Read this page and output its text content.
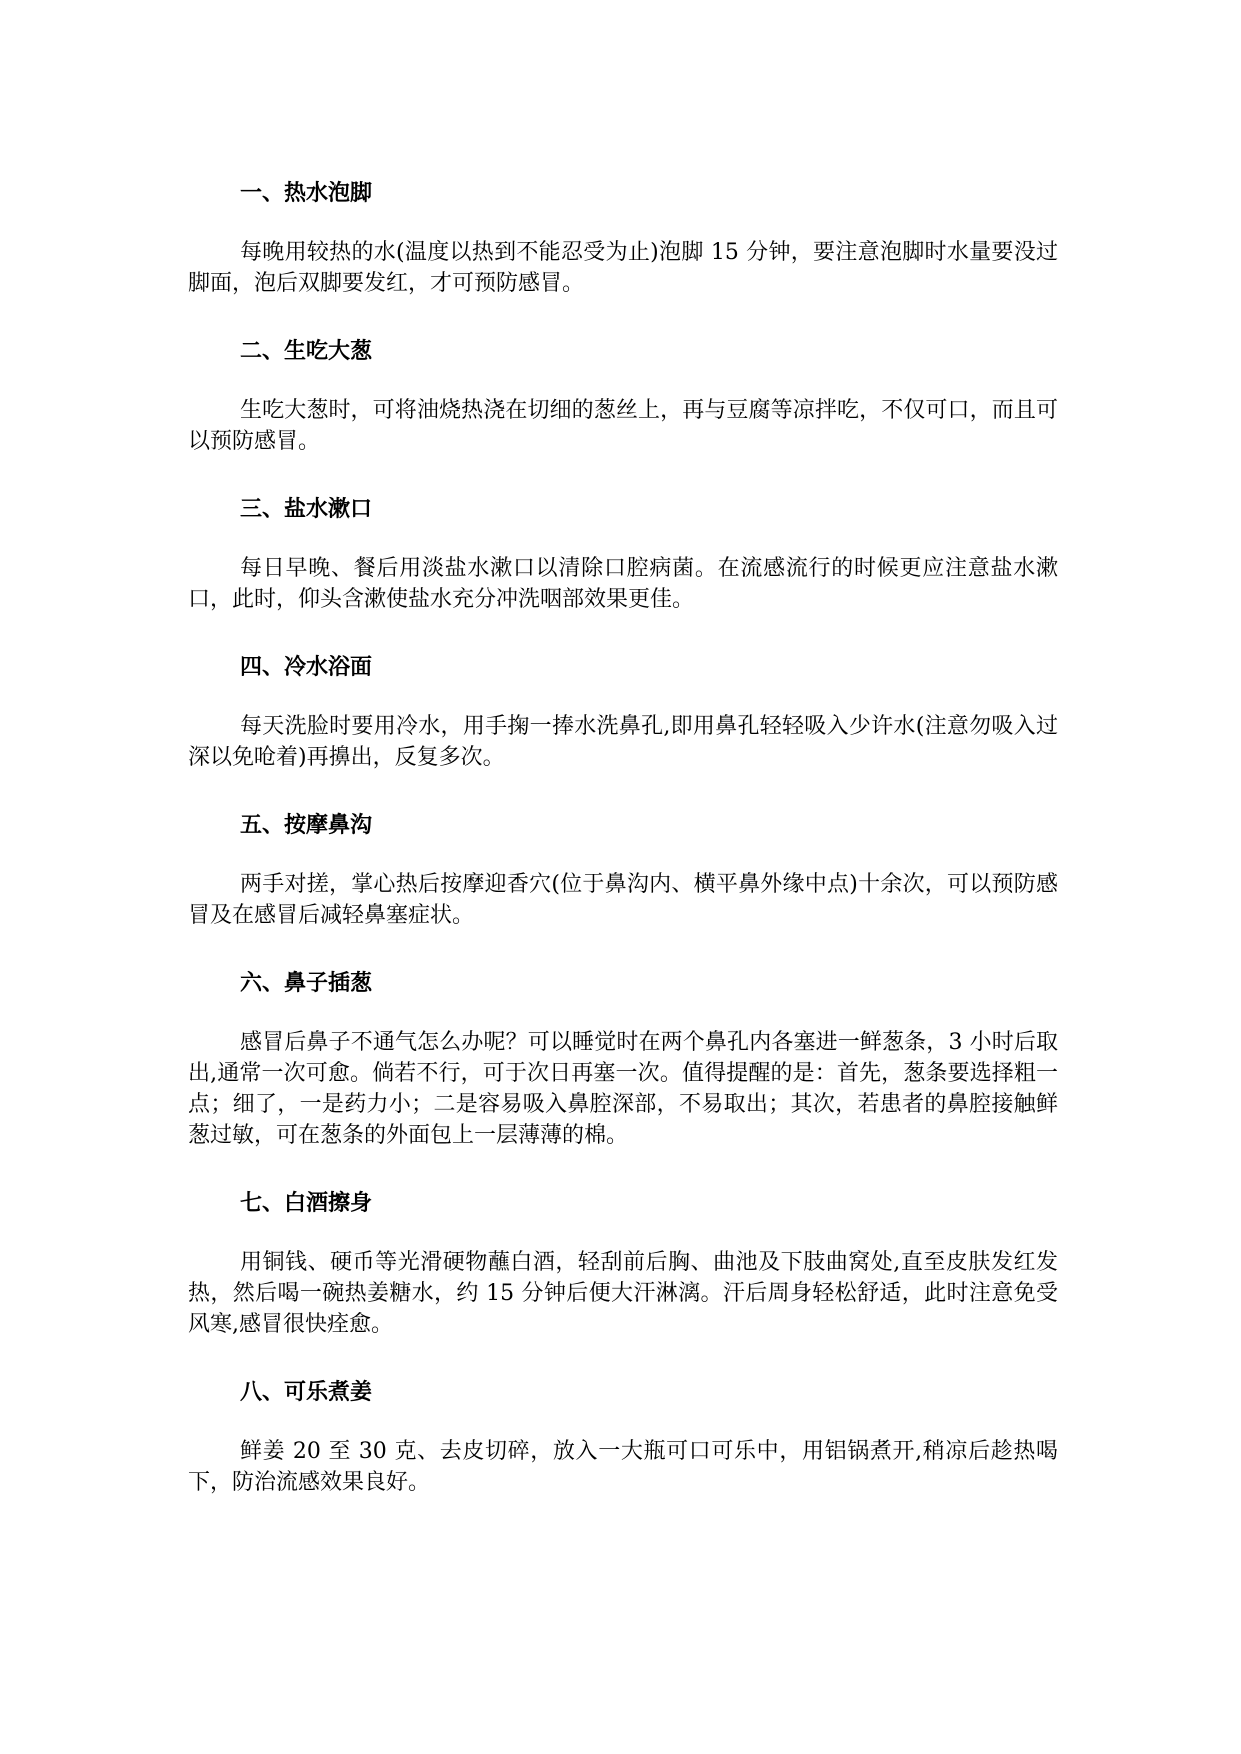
一、热水泡脚

每晚用较热的水(温度以热到不能忍受为止)泡脚 15 分钟，要注意泡脚时水量要没过脚面，泡后双脚要发红，才可预防感冒。

二、生吃大葱

生吃大葱时，可将油烧热浇在切细的葱丝上，再与豆腐等凉拌吃，不仅可口，而且可以预防感冒。

三、盐水漱口

每日早晚、餐后用淡盐水漱口以清除口腔病菌。在流感流行的时候更应注意盐水漱口，此时，仰头含漱使盐水充分冲洗咽部效果更佳。

四、冷水浴面

每天洗脸时要用冷水，用手掬一捧水洗鼻孔,即用鼻孔轻轻吸入少许水(注意勿吸入过深以免呛着)再擤出，反复多次。

五、按摩鼻沟

两手对搓，掌心热后按摩迎香穴(位于鼻沟内、横平鼻外缘中点)十余次，可以预防感冒及在感冒后减轻鼻塞症状。

六、鼻子插葱

感冒后鼻子不通气怎么办呢？可以睡觉时在两个鼻孔内各塞进一鲜葱条，3 小时后取出,通常一次可愈。倘若不行，可于次日再塞一次。值得提醒的是：首先，葱条要选择粗一点；细了，一是药力小；二是容易吸入鼻腔深部，不易取出；其次，若患者的鼻腔接触鲜葱过敏，可在葱条的外面包上一层薄薄的棉。

七、白酒擦身

用铜钱、硬币等光滑硬物蘸白酒，轻刮前后胸、曲池及下肢曲窝处,直至皮肤发红发热，然后喝一碗热姜糖水，约 15 分钟后便大汗淋漓。汗后周身轻松舒适，此时注意免受风寒,感冒很快痊愈。

八、可乐煮姜

鲜姜 20 至 30 克、去皮切碎，放入一大瓶可口可乐中，用铝锅煮开,稍凉后趁热喝下，防治流感效果良好。
